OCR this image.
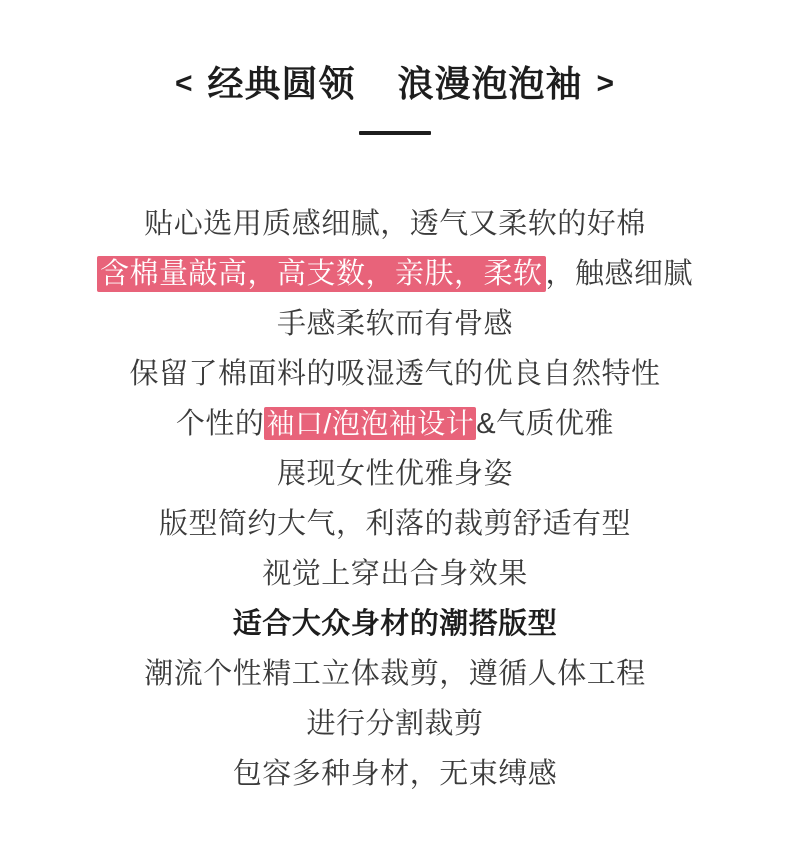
< 经典圆领 浪漫泡泡袖 >
贴心选用质感细腻，透气又柔软的好棉
含棉量敲高，高支数，亲肤，柔软 ，触感细腻
手感柔软而有骨感
保留了棉面料的吸湿透气的优良自然特性
个性的袖口/泡泡袖设计&气质优雅
展现女性优雅身姿
版型简约大气，利落的裁剪舒适有型
视觉上穿出合身效果
适合大众身材的潮搭版型
潮流个性精工立体裁剪，遵循人体工程
进行分割裁剪
包容多种身材，无束缚感
